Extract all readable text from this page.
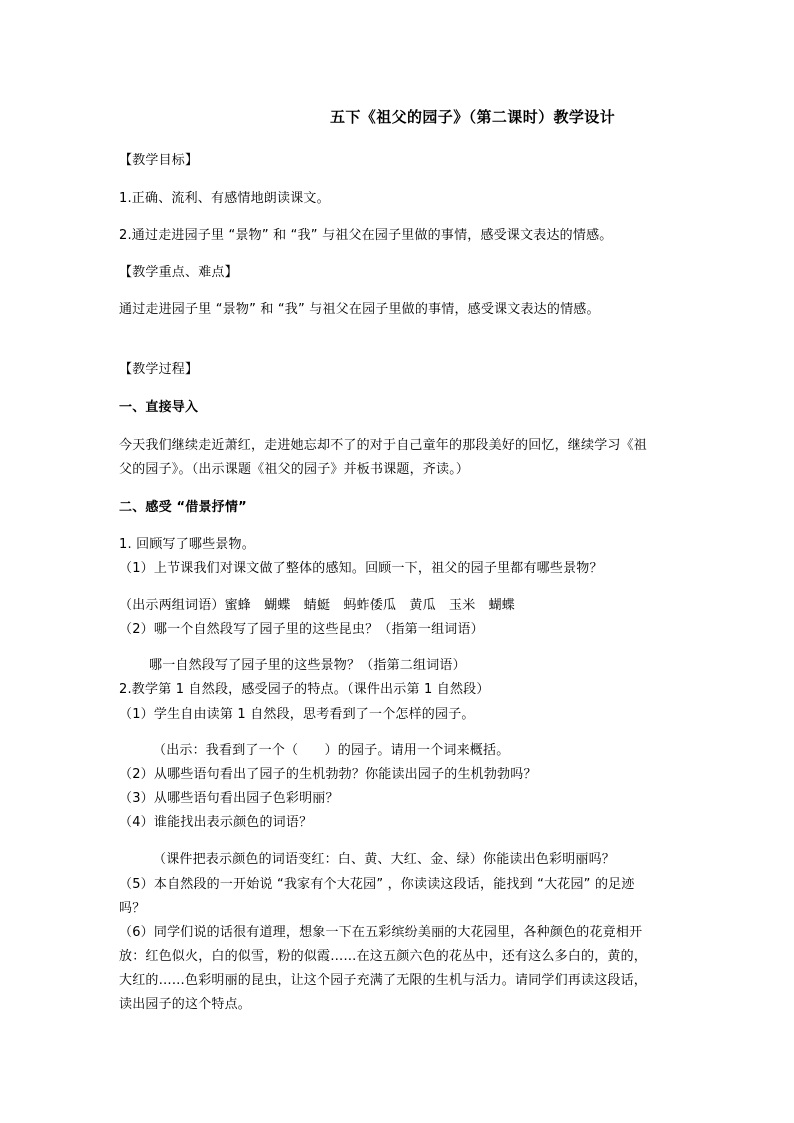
五下《祖父的园子》（第二课时）教学设计
【教学目标】
1.正确、流利、有感情地朗读课文。
2.通过走进园子里 “景物” 和 “我” 与祖父在园子里做的事情，感受课文表达的情感。
【教学重点、难点】
通过走进园子里 “景物” 和 “我” 与祖父在园子里做的事情，感受课文表达的情感。
【教学过程】
一、直接导入
今天我们继续走近萧红，走进她忘却不了的对于自己童年的那段美好的回忆，继续学习《祖
父的园子》。（出示课题《祖父的园子》并板书课题，齐读。）
二、感受 “借景抒情”
1. 回顾写了哪些景物。
（1）上节课我们对课文做了整体的感知。回顾一下，祖父的园子里都有哪些景物？
（出示两组词语）蜜蜂　蝴蝶　蜻蜓　蚂蚱倭瓜　黄瓜　玉米　蝴蝶
（2）哪一个自然段写了园子里的这些昆虫？（指第一组词语）
哪一自然段写了园子里的这些景物？（指第二组词语）
2.教学第 1 自然段，感受园子的特点。（课件出示第 1 自然段）
（1）学生自由读第 1 自然段，思考看到了一个怎样的园子。
（出示：我看到了一个（　　）的园子。请用一个词来概括。
（2）从哪些语句看出了园子的生机勃勃？你能读出园子的生机勃勃吗？
（3）从哪些语句看出园子色彩明丽？
（4）谁能找出表示颜色的词语？
（课件把表示颜色的词语变红：白、黄、大红、金、绿）你能读出色彩明丽吗？
（5）本自然段的一开始说 “我家有个大花园” ，你读读这段话，能找到 “大花园” 的足迹
吗？
（6）同学们说的话很有道理，想象一下在五彩缤纷美丽的大花园里，各种颜色的花竟相开
放：红色似火，白的似雪，粉的似霞……在这五颜六色的花丛中，还有这么多白的，黄的，
大红的……色彩明丽的昆虫，让这个园子充满了无限的生机与活力。请同学们再读这段话，
读出园子的这个特点。
